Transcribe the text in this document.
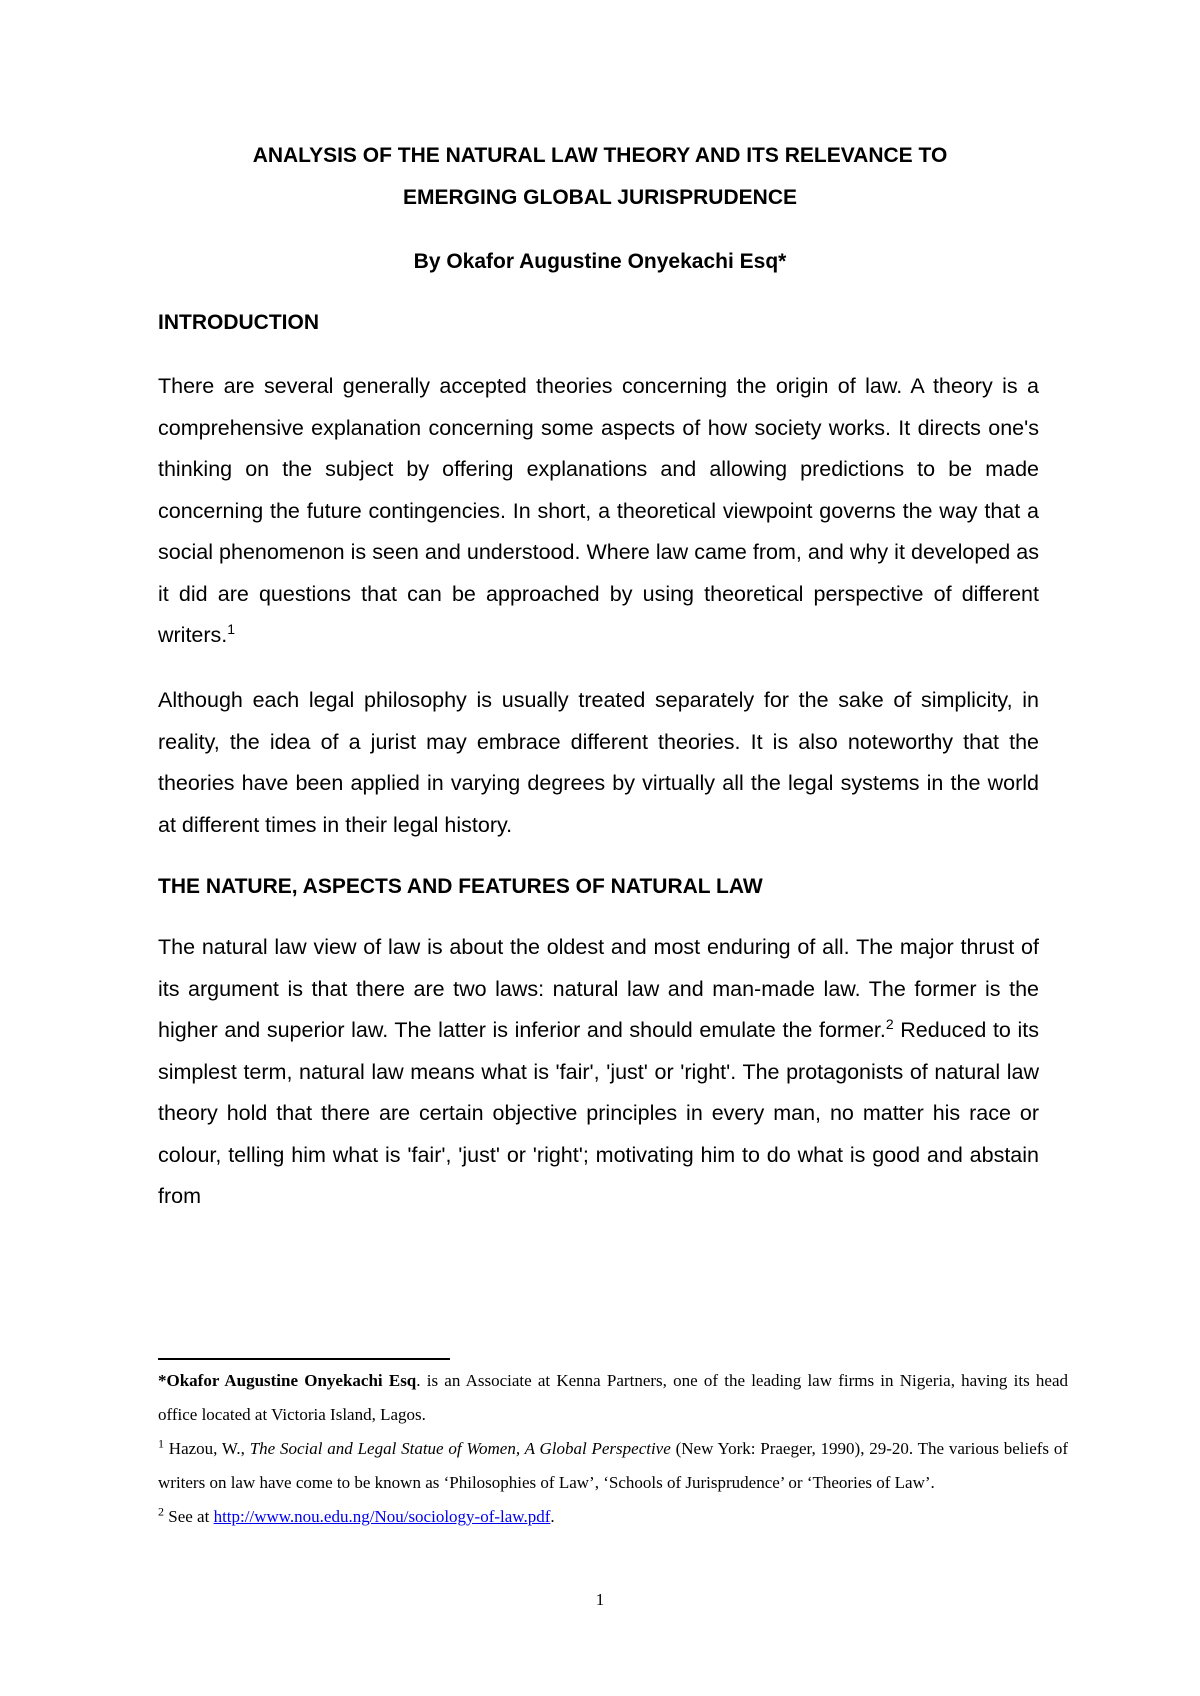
ANALYSIS OF THE NATURAL LAW THEORY AND ITS RELEVANCE TO
EMERGING GLOBAL JURISPRUDENCE
By Okafor Augustine Onyekachi Esq*
INTRODUCTION

There are several generally accepted theories concerning the origin of law. A theory is a comprehensive explanation concerning some aspects of how society works. It directs one's thinking on the subject by offering explanations and allowing predictions to be made concerning the future contingencies. In short, a theoretical viewpoint governs the way that a social phenomenon is seen and understood. Where law came from, and why it developed as it did are questions that can be approached by using theoretical perspective of different writers.$^1$

Although each legal philosophy is usually treated separately for the sake of simplicity, in reality, the idea of a jurist may embrace different theories. It is also noteworthy that the theories have been applied in varying degrees by virtually all the legal systems in the world at different times in their legal history.

THE NATURE, ASPECTS AND FEATURES OF NATURAL LAW

The natural law view of law is about the oldest and most enduring of all. The major thrust of its argument is that there are two laws: natural law and man-made law. The former is the higher and superior law. The latter is inferior and should emulate the former.$^2$ Reduced to its simplest term, natural law means what is 'fair', 'just' or 'right'. The protagonists of natural law theory hold that there are certain objective principles in every man, no matter his race or colour, telling him what is 'fair', 'just' or 'right'; motivating him to do what is good and abstain from

*Okafor Augustine Onyekachi Esq. is an Associate at Kenna Partners, one of the leading law firms in Nigeria, having its head office located at Victoria Island, Lagos.

$^1$ Hazou, W., The Social and Legal Statue of Women, A Global Perspective (New York: Praeger, 1990), 29-20. The various beliefs of writers on law have come to be known as ‘Philosophies of Law’, ‘Schools of Jurisprudence’ or ‘Theories of Law’.

$^2$ See at http://www.nou.edu.ng/Nou/sociology-of-law.pdf.

1
